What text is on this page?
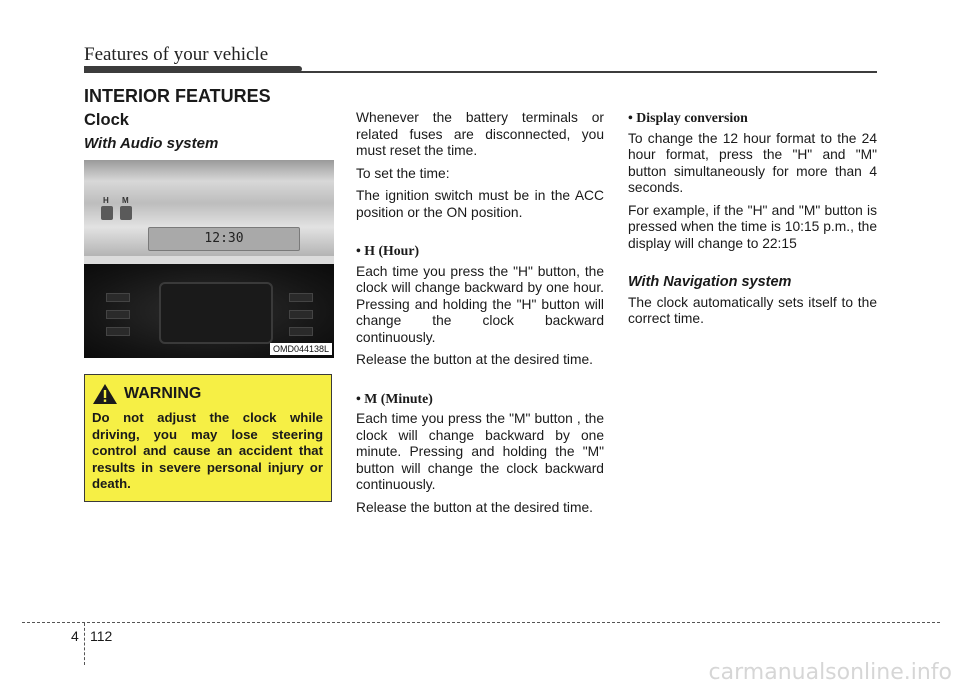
Features of your vehicle
INTERIOR FEATURES
Clock
With Audio system
H M
12:30
OMD044138L
WARNING
Do not adjust the clock while driving, you may lose steering control and cause an accident that results in severe personal injury or death.

Whenever the battery terminals or related fuses are disconnected, you must reset the time.

To set the time:

The ignition switch must be in the ACC position or the ON position.

• H (Hour)

Each time you press the "H" button, the clock will change backward by one hour. Pressing and holding the "H" button will change the clock backward continuously.

Release the button at the desired time.

• M (Minute)

Each time you press the "M" button , the clock will change backward by one minute. Pressing and holding the "M" button will change the clock backward continuously.

Release the button at the desired time.

• Display conversion

To change the 12 hour format to the 24 hour format, press the "H" and "M" button simultaneously for more than 4 seconds.

For example, if the "H" and "M" button is pressed when the time is 10:15 p.m., the display will change to 22:15

With Navigation system

The clock automatically sets itself to the correct time.

4 112
carmanualsonline.info
